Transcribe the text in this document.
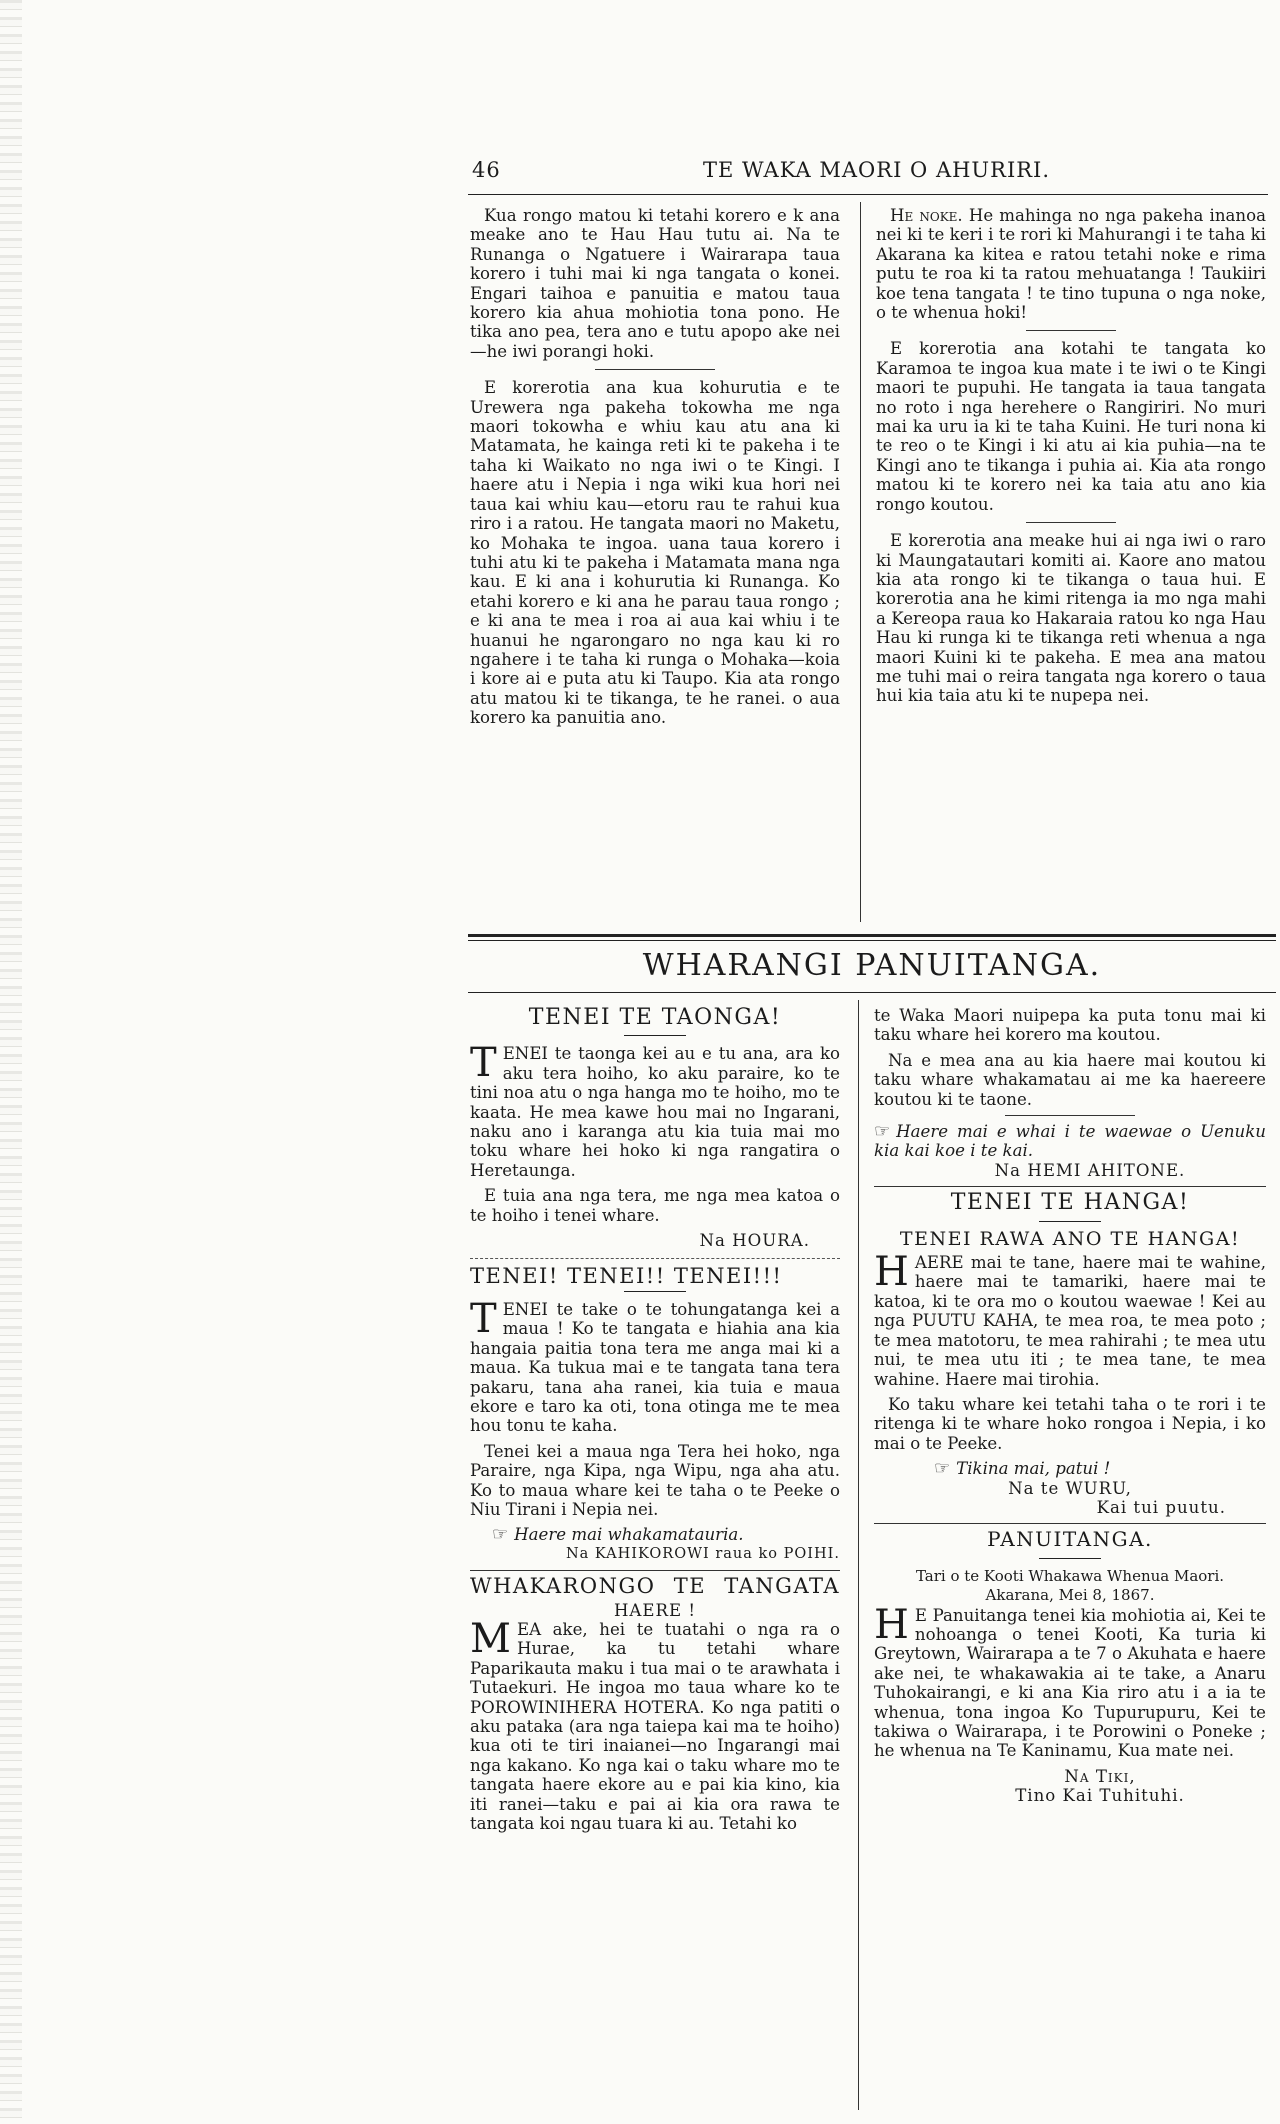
46	TE WAKA MAORI O AHURIRI.

Kua rongo matou ki tetahi korero e k ana meake ano te Hau Hau tutu ai. Na te Runanga o Ngatuere i Wairarapa taua korero i tuhi mai ki nga tangata o konei. Engari taihoa e panuitia e matou taua korero kia ahua mohiotia tona pono. He tika ano pea, tera ano e tutu apopo ake nei—he iwi porangi hoki.

E korerotia ana kua kohurutia e te Urewera nga pakeha tokowha me nga maori tokowha e whiu kau atu ana ki Matamata, he kainga reti ki te pakeha i te taha ki Waikato no nga iwi o te Kingi. I haere atu i Nepia i nga wiki kua hori nei taua kai whiu kau—etoru rau te rahui kua riro i a ratou. He tangata maori no Maketu, ko Mohaka te ingoa. uana taua korero i tuhi atu ki te pakeha i Matamata mana nga kau. E ki ana i kohurutia ki Runanga. Ko etahi korero e ki ana he parau taua rongo ; e ki ana te mea i roa ai aua kai whiu i te huanui he ngarongaro no nga kau ki ro ngahere i te taha ki runga o Mohaka—koia i kore ai e puta atu ki Taupo. Kia ata rongo atu matou ki te tikanga, te he ranei. o aua korero ka panuitia ano.

He noke. He mahinga no nga pakeha inanoa nei ki te keri i te rori ki Mahurangi i te taha ki Akarana ka kitea e ratou tetahi noke e rima putu te roa ki ta ratou mehuatanga ! Taukiiri koe tena tangata ! te tino tupuna o nga noke, o te whenua hoki!

E korerotia ana kotahi te tangata ko Karamoa te ingoa kua mate i te iwi o te Kingi maori te pupuhi. He tangata ia taua tangata no roto i nga herehere o Rangiriri. No muri mai ka uru ia ki te taha Kuini. He turi nona ki te reo o te Kingi i ki atu ai kia puhia—na te Kingi ano te tikanga i puhia ai. Kia ata rongo matou ki te korero nei ka taia atu ano kia rongo koutou.

E korerotia ana meake hui ai nga iwi o raro ki Maungatautari komiti ai. Kaore ano matou kia ata rongo ki te tikanga o taua hui. E korerotia ana he kimi ritenga ia mo nga mahi a Kereopa raua ko Hakaraia ratou ko nga Hau Hau ki runga ki te tikanga reti whenua a nga maori Kuini ki te pakeha. E mea ana matou me tuhi mai o reira tangata nga korero o taua hui kia taia atu ki te nupepa nei.

WHARANGI PANUITANGA.
TENEI TE TAONGA!

TENEI te taonga kei au e tu ana, ara ko aku tera hoiho, ko aku paraire, ko te tini noa atu o nga hanga mo te hoiho, mo te kaata. He mea kawe hou mai no Ingarani, naku ano i karanga atu kia tuia mai mo toku whare hei hoko ki nga rangatira o Heretaunga.

E tuia ana nga tera, me nga mea katoa o te hoiho i tenei whare.

Na HOURA.
TENEI! TENEI!! TENEI!!!

TENEI te take o te tohungatanga kei a maua ! Ko te tangata e hiahia ana kia hangaia paitia tona tera me anga mai ki a maua. Ka tukua mai e te tangata tana tera pakaru, tana aha ranei, kia tuia e maua ekore e taro ka oti, tona otinga me te mea hou tonu te kaha.

Tenei kei a maua nga Tera hei hoko, nga Paraire, nga Kipa, nga Wipu, nga aha atu. Ko to maua whare kei te taha o te Peeke o Niu Tirani i Nepia nei.

☞ Haere mai whakamatauria.
Na KAHIKOROWI raua ko POIHI.
WHAKARONGO TE TANGATA
HAERE !

MEA ake, hei te tuatahi o nga ra o Hurae, ka tu tetahi whare Paparikauta maku i tua mai o te arawhata i Tutaekuri. He ingoa mo taua whare ko te POROWINIHERA HOTERA. Ko nga patiti o aku pataka (ara nga taiepa kai ma te hoiho) kua oti te tiri inaianei—no Ingarangi mai nga kakano. Ko nga kai o taku whare mo te tangata haere ekore au e pai kia kino, kia iti ranei—taku e pai ai kia ora rawa te tangata koi ngau tuara ki au. Tetahi ko

te Waka Maori nuipepa ka puta tonu mai ki taku whare hei korero ma koutou.

Na e mea ana au kia haere mai koutou ki taku whare whakamatau ai me ka haereere koutou ki te taone.

☞ Haere mai e whai i te waewae o Uenuku kia kai koe i te kai.
Na HEMI AHITONE.
TENEI TE HANGA!
TENEI RAWA ANO TE HANGA!

HAERE mai te tane, haere mai te wahine, haere mai te tamariki, haere mai te katoa, ki te ora mo o koutou waewae ! Kei au nga PUUTU KAHA, te mea roa, te mea poto ; te mea matotoru, te mea rahirahi ; te mea utu nui, te mea utu iti ; te mea tane, te mea wahine. Haere mai tirohia.

Ko taku whare kei tetahi taha o te rori i te ritenga ki te whare hoko rongoa i Nepia, i ko mai o te Peeke.

☞ Tikina mai, patui !
Na te WURU,
Kai tui puutu.
PANUITANGA.
Tari o te Kooti Whakawa Whenua Maori.
Akarana, Mei 8, 1867.

H E Panuitanga tenei kia mohiotia ai, Kei te nohoanga o tenei Kooti, Ka turia ki Greytown, Wairarapa a te 7 o Akuhata e haere ake nei, te whakawakia ai te take, a Anaru Tuhokairangi, e ki ana Kia riro atu i a ia te whenua, tona ingoa Ko Tupurupuru, Kei te takiwa o Wairarapa, i te Porowini o Poneke ; he whenua na Te Kaninamu, Kua mate nei.

Na Tiki,
Tino Kai Tuhituhi.
